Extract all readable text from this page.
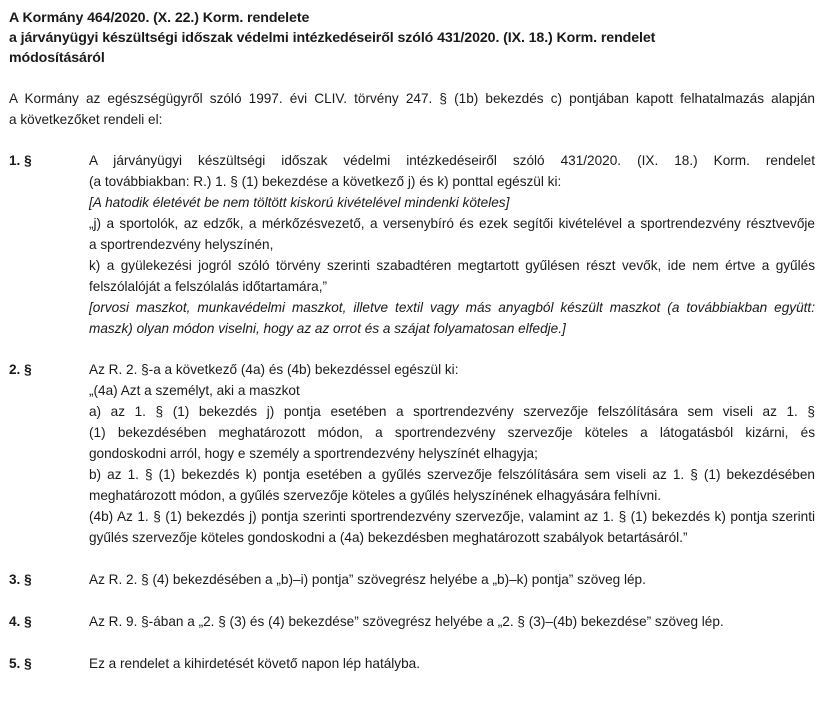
A Kormány 464/2020. (X. 22.) Korm. rendelete
a járványügyi készültségi időszak védelmi intézkedéseiről szóló 431/2020. (IX. 18.) Korm. rendelet
módosításáról
A Kormány az egészségügyről szóló 1997. évi CLIV. törvény 247. § (1b) bekezdés c) pontjában kapott felhatalmazás alapján
a következőket rendeli el:
1. §	A járványügyi készültségi időszak védelmi intézkedéseiről szóló 431/2020. (IX. 18.) Korm. rendelet
(a továbbiakban: R.) 1. § (1) bekezdése a következő j) és k) ponttal egészül ki:
[A hatodik életévét be nem töltött kiskorú kivételével mindenki köteles]
„j) a sportolók, az edzők, a mérkőzésvezető, a versenybíró és ezek segítői kivételével a sportrendezvény résztvevője
a sportrendezvény helyszínén,
k) a gyülekezési jogról szóló törvény szerinti szabadtéren megtartott gyűlésen részt vevők, ide nem értve a gyűlés
felszólalóját a felszólalás időtartamára,”
[orvosi maszkot, munkavédelmi maszkot, illetve textil vagy más anyagból készült maszkot (a továbbiakban együtt:
maszk) olyan módon viselni, hogy az az orrot és a szájat folyamatosan elfedje.]
2. §	Az R. 2. §-a a következő (4a) és (4b) bekezdéssel egészül ki:
„(4a) Azt a személyt, aki a maszkot
a) az 1. § (1) bekezdés j) pontja esetében a sportrendezvény szervezője felszólítására sem viseli az 1. §
(1) bekezdésében meghatározott módon, a sportrendezvény szervezője köteles a látogatásból kizárni, és
gondoskodni arról, hogy e személy a sportrendezvény helyszínét elhagyja;
b) az 1. § (1) bekezdés k) pontja esetében a gyűlés szervezője felszólítására sem viseli az 1. § (1) bekezdésében
meghatározott módon, a gyűlés szervezője köteles a gyűlés helyszínének elhagyására felhívni.
(4b) Az 1. § (1) bekezdés j) pontja szerinti sportrendezvény szervezője, valamint az 1. § (1) bekezdés k) pontja szerinti
gyűlés szervezője köteles gondoskodni a (4a) bekezdésben meghatározott szabályok betartásáról.”
3. §	Az R. 2. § (4) bekezdésében a „b)–i) pontja” szövegrész helyébe a „b)–k) pontja” szöveg lép.
4. §	Az R. 9. §-ában a „2. § (3) és (4) bekezdése” szövegrész helyébe a „2. § (3)–(4b) bekezdése” szöveg lép.
5. §	Ez a rendelet a kihirdetését követő napon lép hatályba.
